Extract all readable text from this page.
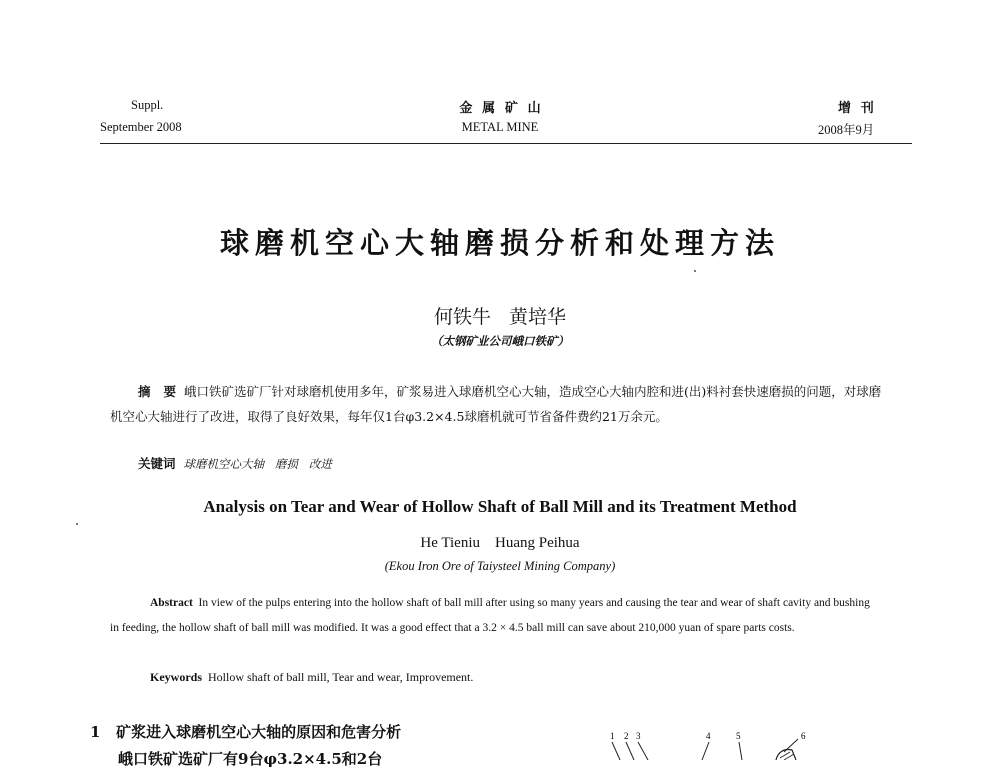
Suppl.
September 2008
金   属   矿   山
METAL MINE
增   刊
2008年9月
球磨机空心大轴磨损分析和处理方法
何铁牛   黄培华
（太钢矿业公司峨口铁矿）
摘   要 峨口铁矿选矿厂针对球磨机使用多年，矿浆易进入球磨机空心大轴，造成空心大轴内腔和进(出)料衬套快速磨损的问题，对球磨机空心大轴进行了改进，取得了良好效果，每年仅1台φ3.2×4.5球磨机就可节省备件费约21万余元。
关键词 球磨机空心大轴   磨损   改进
Analysis on Tear and Wear of Hollow Shaft of Ball Mill and its Treatment Method
He Tieniu    Huang Peihua
(Ekou Iron Ore of Taiysteel Mining Company)
Abstract In view of the pulps entering into the hollow shaft of ball mill after using so many years and causing the tear and wear of shaft cavity and bushing in feeding, the hollow shaft of ball mill was modified. It was a good effect that a 3.2 × 4.5 ball mill can save about 210,000 yuan of spare parts costs.
Keywords Hollow shaft of ball mill, Tear and wear, Improvement.
1 矿浆进入球磨机空心大轴的原因和危害分析
峨口铁矿选矿厂有9台φ3.2×4.5和2台
1 2 3	4	5	6
